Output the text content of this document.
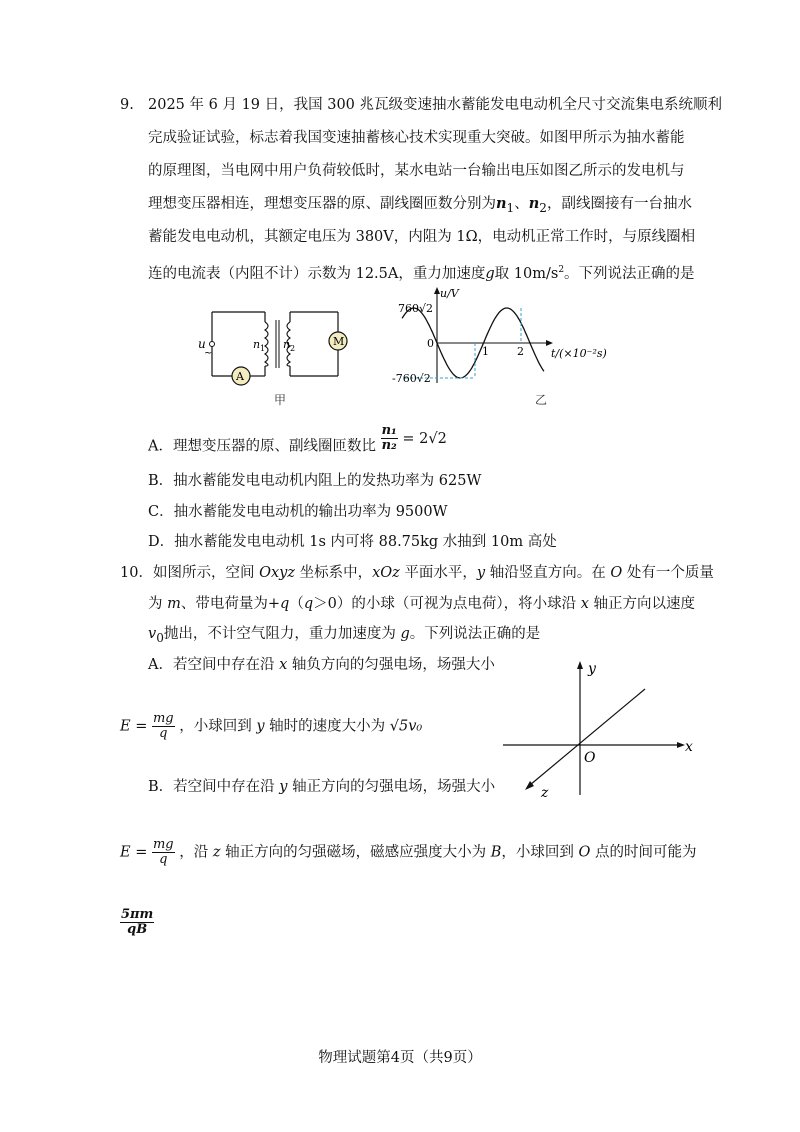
9. 2025 年 6 月 19 日，我国 300 兆瓦级变速抽水蓄能发电电动机全尺寸交流集电系统顺利
完成验证试验，标志着我国变速抽蓄核心技术实现重大突破。如图甲所示为抽水蓄能
的原理图，当电网中用户负荷较低时，某水电站一台输出电压如图乙所示的发电机与
理想变压器相连，理想变压器的原、副线圈匝数分别为$n_1$、$n_2$，副线圈接有一台抽水
蓄能发电电动机，其额定电压为 380V，内阻为 1Ω，电动机正常工作时，与原线圈相
连的电流表（内阻不计）示数为 12.5A，重力加速度g取 $10m/s^2$。下列说法正确的是
u
~
n 1 n 2
M
A
甲
u/V
760√2
0
-760√2
1	2 t/(×10⁻²s)
乙
A．理想变压器的原、副线圈匝数比 $\frac{\text{n₁}}{\text{n₂}} = 2√2$
B．抽水蓄能发电电动机内阻上的发热功率为 625W
C．抽水蓄能发电电动机的输出功率为 9500W
D．抽水蓄能发电电动机 1s 内可将 88.75kg 水抽到 10m 高处
10．如图所示，空间 Oxyz 坐标系中，xOz 平面水平，y 轴沿竖直方向。在 O 处有一个质量
为 m、带电荷量为+q（q＞0）的小球（可视为点电荷），将小球沿 x 轴正方向以速度
$v_0$抛出，不计空气阻力，重力加速度为 g。下列说法正确的是
A．若空间中存在沿 x 轴负方向的匀强电场，场强大小
$E = \frac{mg}{q}$ ，小球回到 y 轴时的速度大小为 √5v₀
B．若空间中存在沿 y 轴正方向的匀强电场，场强大小
$E = \frac{mg}{q}$ ，沿 z 轴正方向的匀强磁场，磁感应强度大小为 B，小球回到 O 点的时间可能为
$\frac{5\pi m}{qB}$
y
x
z
O
物理试题第4页（共9页）
